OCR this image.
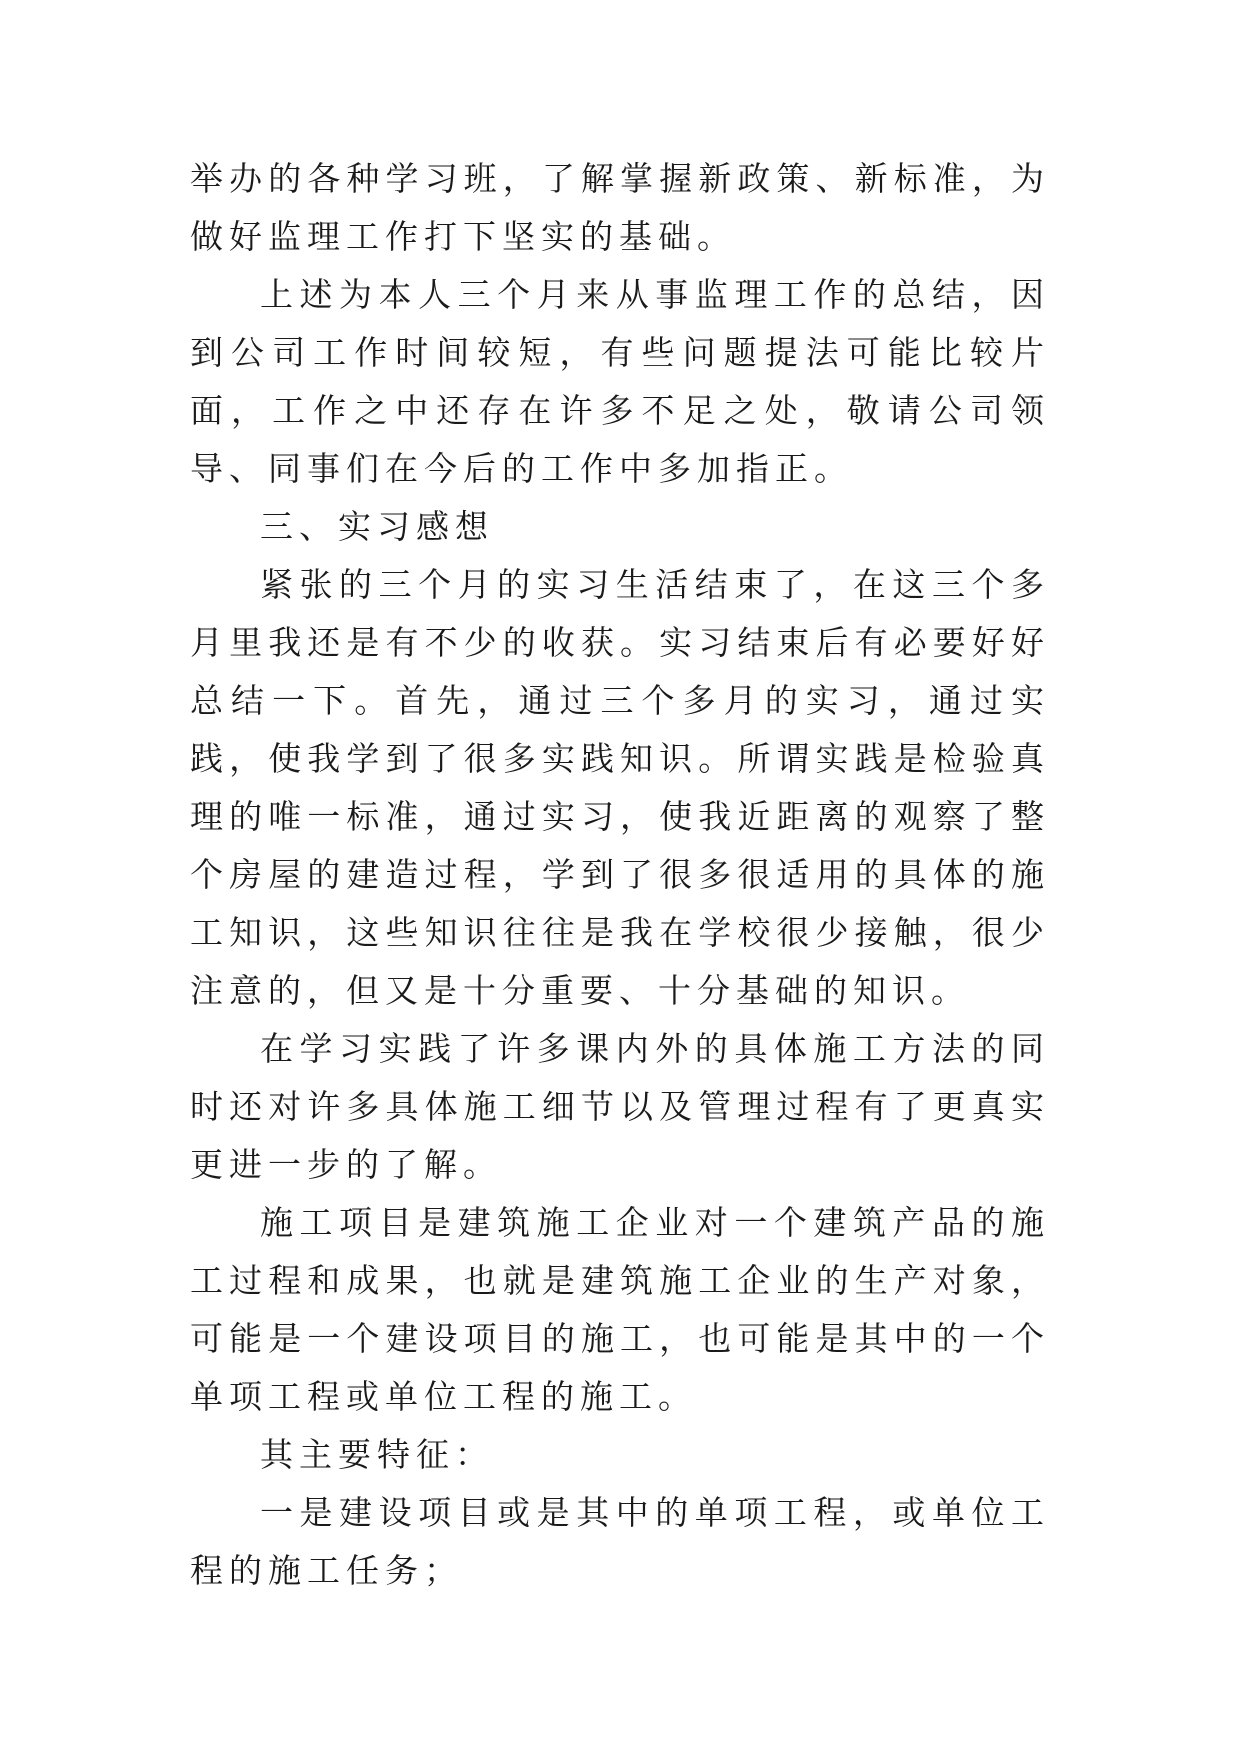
举办的各种学习班，了解掌握新政策、新标准，为做好监理工作打下坚实的基础。

上述为本人三个月来从事监理工作的总结，因到公司工作时间较短，有些问题提法可能比较片面，工作之中还存在许多不足之处，敬请公司领导、同事们在今后的工作中多加指正。

三、实习感想

紧张的三个月的实习生活结束了，在这三个多月里我还是有不少的收获。实习结束后有必要好好总结一下。首先，通过三个多月的实习，通过实践，使我学到了很多实践知识。所谓实践是检验真理的唯一标准，通过实习，使我近距离的观察了整个房屋的建造过程，学到了很多很适用的具体的施工知识，这些知识往往是我在学校很少接触，很少注意的，但又是十分重要、十分基础的知识。

在学习实践了许多课内外的具体施工方法的同时还对许多具体施工细节以及管理过程有了更真实更进一步的了解。

施工项目是建筑施工企业对一个建筑产品的施工过程和成果，也就是建筑施工企业的生产对象，可能是一个建设项目的施工，也可能是其中的一个单项工程或单位工程的施工。

其主要特征：

一是建设项目或是其中的单项工程，或单位工程的施工任务；
